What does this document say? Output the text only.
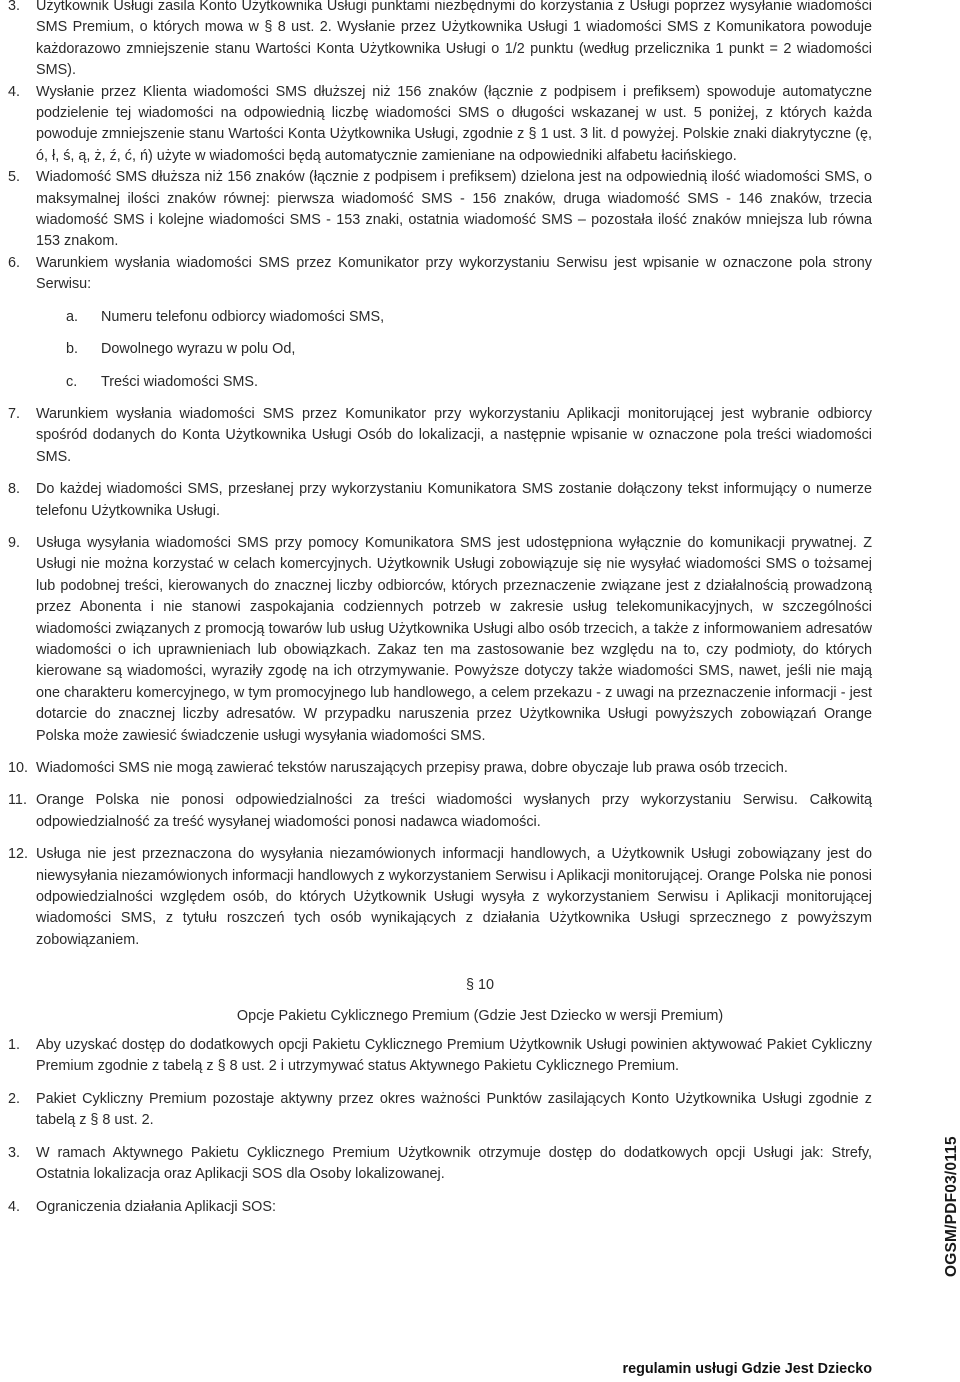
3. Użytkownik Usługi zasila Konto Użytkownika Usługi punktami niezbędnymi do korzystania z Usługi poprzez wysyłanie wiadomości SMS Premium, o których mowa w § 8 ust. 2. Wysłanie przez Użytkownika Usługi 1 wiadomości SMS z Komunikatora powoduje każdorazowo zmniejszenie stanu Wartości Konta Użytkownika Usługi o 1/2 punktu (według przelicznika 1 punkt = 2 wiadomości SMS).

4. Wysłanie przez Klienta wiadomości SMS dłuższej niż 156 znaków (łącznie z podpisem i prefiksem) spowoduje automatyczne podzielenie tej wiadomości na odpowiednią liczbę wiadomości SMS o długości wskazanej w ust. 5 poniżej, z których każda powoduje zmniejszenie stanu Wartości Konta Użytkownika Usługi, zgodnie z § 1 ust. 3 lit. d powyżej. Polskie znaki diakrytyczne (ę, ó, ł, ś, ą, ż, ź, ć, ń) użyte w wiadomości będą automatycznie zamieniane na odpowiedniki alfabetu łacińskiego.

5. Wiadomość SMS dłuższa niż 156 znaków (łącznie z podpisem i prefiksem) dzielona jest na odpowiednią ilość wiadomości SMS, o maksymalnej ilości znaków równej: pierwsza wiadomość SMS - 156 znaków, druga wiadomość SMS - 146 znaków, trzecia wiadomość SMS i kolejne wiadomości SMS - 153 znaki, ostatnia wiadomość SMS – pozostała ilość znaków mniejsza lub równa 153 znakom.

6. Warunkiem wysłania wiadomości SMS przez Komunikator przy wykorzystaniu Serwisu jest wpisanie w oznaczone pola strony Serwisu:

a. Numeru telefonu odbiorcy wiadomości SMS,

b. Dowolnego wyrazu w polu Od,

c. Treści wiadomości SMS.

7. Warunkiem wysłania wiadomości SMS przez Komunikator przy wykorzystaniu Aplikacji monitorującej jest wybranie odbiorcy spośród dodanych do Konta Użytkownika Usługi Osób do lokalizacji, a następnie wpisanie w oznaczone pola treści wiadomości SMS.

8. Do każdej wiadomości SMS, przesłanej przy wykorzystaniu Komunikatora SMS zostanie dołączony tekst informujący o numerze telefonu Użytkownika Usługi.

9. Usługa wysyłania wiadomości SMS przy pomocy Komunikatora SMS jest udostępniona wyłącznie do komunikacji prywatnej. Z Usługi nie można korzystać w celach komercyjnych. Użytkownik Usługi zobowiązuje się nie wysyłać wiadomości SMS o tożsamej lub podobnej treści, kierowanych do znacznej liczby odbiorców, których przeznaczenie związane jest z działalnością prowadzoną przez Abonenta i nie stanowi zaspokajania codziennych potrzeb w zakresie usług telekomunikacyjnych, w szczególności wiadomości związanych z promocją towarów lub usług Użytkownika Usługi albo osób trzecich, a także z informowaniem adresatów wiadomości o ich uprawnieniach lub obowiązkach. Zakaz ten ma zastosowanie bez względu na to, czy podmioty, do których kierowane są wiadomości, wyraziły zgodę na ich otrzymywanie. Powyższe dotyczy także wiadomości SMS, nawet, jeśli nie mają one charakteru komercyjnego, w tym promocyjnego lub handlowego, a celem przekazu - z uwagi na przeznaczenie informacji - jest dotarcie do znacznej liczby adresatów. W przypadku naruszenia przez Użytkownika Usługi powyższych zobowiązań Orange Polska może zawiesić świadczenie usługi wysyłania wiadomości SMS.

10. Wiadomości SMS nie mogą zawierać tekstów naruszających przepisy prawa, dobre obyczaje lub prawa osób trzecich.

11. Orange Polska nie ponosi odpowiedzialności za treści wiadomości wysłanych przy wykorzystaniu Serwisu. Całkowitą odpowiedzialność za treść wysyłanej wiadomości ponosi nadawca wiadomości.

12. Usługa nie jest przeznaczona do wysyłania niezamówionych informacji handlowych, a Użytkownik Usługi zobowiązany jest do niewysyłania niezamówionych informacji handlowych z wykorzystaniem Serwisu i Aplikacji monitorującej. Orange Polska nie ponosi odpowiedzialności względem osób, do których Użytkownik Usługi wysyła z wykorzystaniem Serwisu i Aplikacji monitorującej wiadomości SMS, z tytułu roszczeń tych osób wynikających z działania Użytkownika Usługi sprzecznego z powyższym zobowiązaniem.

§ 10

Opcje Pakietu Cyklicznego Premium (Gdzie Jest Dziecko w wersji Premium)

1. Aby uzyskać dostęp do dodatkowych opcji Pakietu Cyklicznego Premium Użytkownik Usługi powinien aktywować Pakiet Cykliczny Premium zgodnie z tabelą z § 8 ust. 2 i utrzymywać status Aktywnego Pakietu Cyklicznego Premium.

2. Pakiet Cykliczny Premium pozostaje aktywny przez okres ważności Punktów zasilających Konto Użytkownika Usługi zgodnie z tabelą z § 8 ust. 2.

3. W ramach Aktywnego Pakietu Cyklicznego Premium Użytkownik otrzymuje dostęp do dodatkowych opcji Usługi jak: Strefy, Ostatnia lokalizacja oraz Aplikacji SOS dla Osoby lokalizowanej.

4. Ograniczenia działania Aplikacji SOS:	OGSM/PDF03/0115
regulamin usługi Gdzie Jest Dziecko
